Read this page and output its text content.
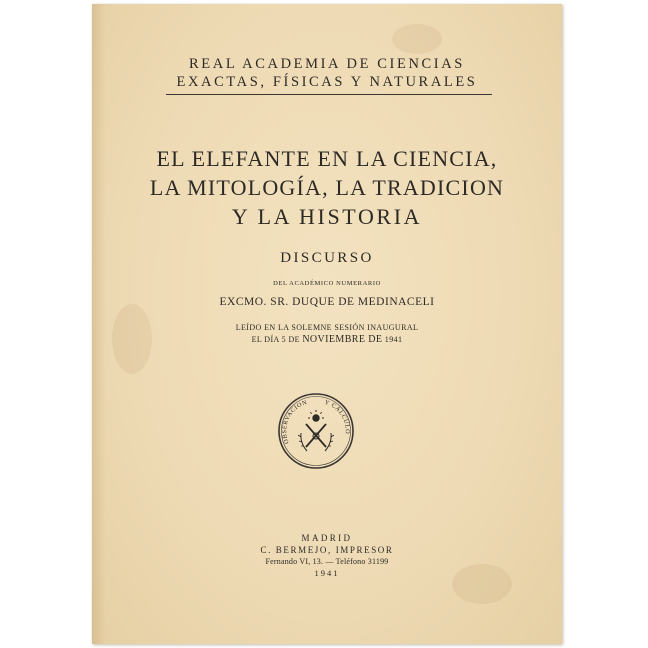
REAL ACADEMIA DE CIENCIAS
EXACTAS, FÍSICAS Y NATURALES
EL ELEFANTE EN LA CIENCIA,
LA MITOLOGÍA, LA TRADICION
Y LA HISTORIA
DISCURSO
DEL ACADÉMICO NUMERARIO
EXCMO. SR. DUQUE DE MEDINACELI
LEÍDO EN LA SOLEMNE SESIÓN INAUGURAL
EL DÍA 5 DE NOVIEMBRE DE 1941
OBSERVACION	Y CALCULO
MADRID
C. BERMEJO, IMPRESOR
Fernando VI, 13. — Teléfono 31199
1941
